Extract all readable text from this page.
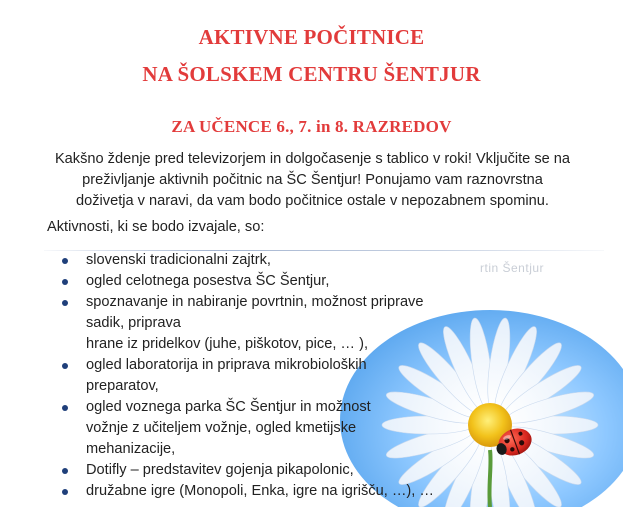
AKTIVNE POČITNICE
NA ŠOLSKEM CENTRU ŠENTJUR
ZA UČENCE 6., 7. in 8. RAZREDOV
Kakšno ždenje pred televizorjem in dolgočasenje s tablico v roki! Vključite se na
preživljanje aktivnih počitnic na ŠC Šentjur! Ponujamo vam raznovrstna
doživetja v naravi, da vam bodo počitnice ostale v nepozabnem spominu.
Aktivnosti, ki se bodo izvajale, so:
rtin Šentjur
slovenski tradicionalni zajtrk,
ogled celotnega posestva ŠC Šentjur,
spoznavanje in nabiranje povrtnin, možnost priprave sadik, priprava
hrane iz pridelkov (juhe, piškotov, pice, … ),
ogled laboratorija in priprava mikrobioloških
preparatov,
ogled voznega parka ŠC Šentjur in možnost
vožnje z učiteljem vožnje, ogled kmetijske
mehanizacije,
Dotifly – predstavitev gojenja pikapolonic,
družabne igre (Monopoli, Enka, igre na igrišču, …), …
